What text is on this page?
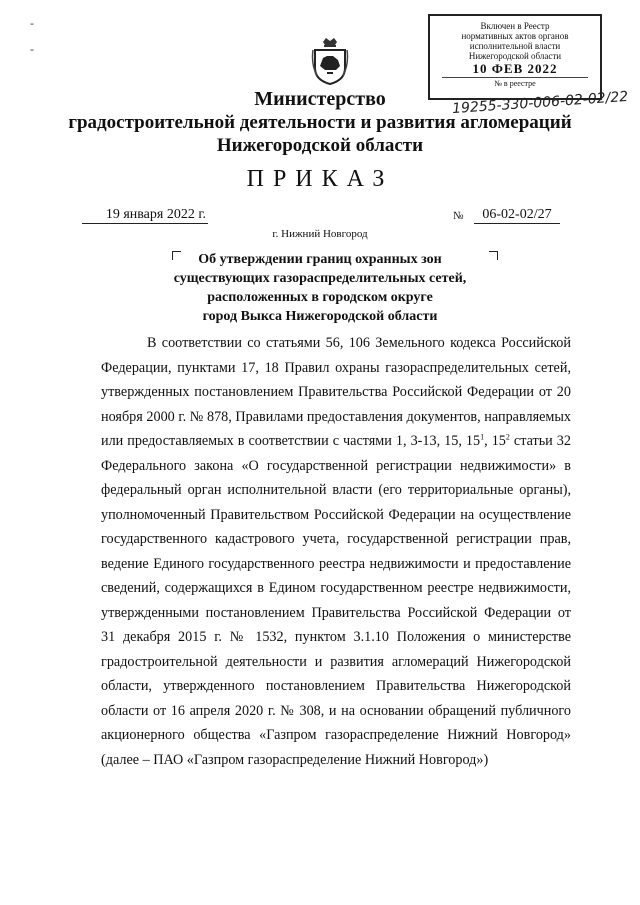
-
-
Включен в Реестр
нормативных актов органов
исполнительной власти
Нижегородской области
10 ФЕВ 2022
№ в реестре
19255-330-006-02-02/22
Министерство
градостроительной деятельности и развития агломераций
Нижегородской области
ПРИКАЗ
19 января 2022 г.	№	06-02-02/27
г. Нижний Новгород
Об утверждении границ охранных зон
существующих газораспределительных сетей,
расположенных в городском округе
город Выкса Нижегородской области

В соответствии со статьями 56, 106 Земельного кодекса Российской Федерации, пунктами 17, 18 Правил охраны газораспределительных сетей, утвержденных постановлением Правительства Российской Федерации от 20 ноября 2000 г. № 878, Правилами предоставления документов, направляемых или предоставляемых в соответствии с частями 1, 3-13, 15, $15^1$, $15^2$ статьи 32 Федерального закона «О государственной регистрации недвижимости» в федеральный орган исполнительной власти (его территориальные органы), уполномоченный Правительством Российской Федерации на осуществление государственного кадастрового учета, государственной регистрации прав, ведение Единого государственного реестра недвижимости и предоставление сведений, содержащихся в Едином государственном реестре недвижимости, утвержденными постановлением Правительства Российской Федерации от 31 декабря 2015 г. № 1532, пунктом 3.1.10 Положения о министерстве градостроительной деятельности и развития агломераций Нижегородской области, утвержденного постановлением Правительства Нижегородской области от 16 апреля 2020 г. № 308, и на основании обращений публичного акционерного общества «Газпром газораспределение Нижний Новгород» (далее – ПАО «Газпром газораспределение Нижний Новгород»)
